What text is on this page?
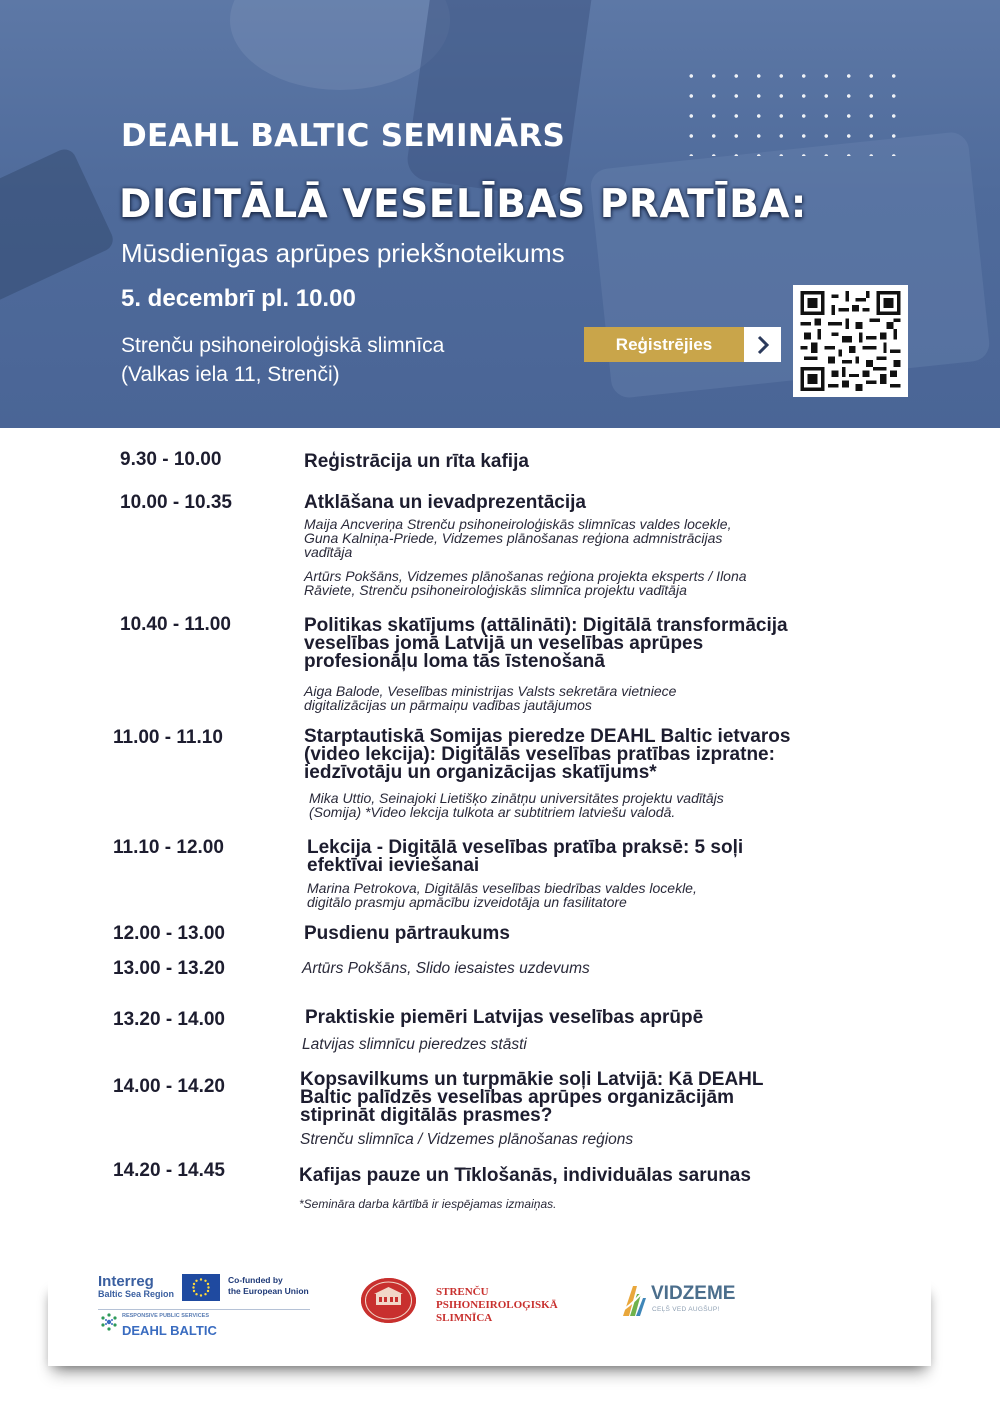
DEAHL BALTIC SEMINĀRS
DIGITĀLĀ VESELĪBAS PRATĪBA:
Mūsdienīgas aprūpes priekšnoteikums
5. decembrī pl. 10.00
Strenču psihoneiroloģiskā slimnīca
(Valkas iela 11, Strenči)
Reģistrējies
9.30 - 10.00	Reģistrācija un rīta kafija
10.00 - 10.35	Atklāšana un ievadprezentācija
Maija Ancveriņa Strenču psihoneiroloģiskās slimnīcas valdes locekle,
Guna Kalniņa-Priede, Vidzemes plānošanas reģiona admnistrācijas
vadītāja
Artūrs Pokšāns, Vidzemes plānošanas reģiona projekta eksperts / Ilona
Rāviete, Strenču psihoneiroloģiskās slimnīca projektu vadītāja
10.40 - 11.00	Politikas skatījums (attālināti): Digitālā transformācija
veselības jomā Latvijā un veselības aprūpes
profesionāļu loma tās īstenošanā
Aiga Balode, Veselības ministrijas Valsts sekretāra vietniece
digitalizācijas un pārmaiņu vadības jautājumos
11.00 - 11.10	Starptautiskā Somijas pieredze DEAHL Baltic ietvaros
(video lekcija): Digitālās veselības pratības izpratne:
iedzīvotāju un organizācijas skatījums*
Mika Uttio, Seinajoki Lietišķo zinātņu universitātes projektu vadītājs
(Somija) *Video lekcija tulkota ar subtitriem latviešu valodā.
11.10 - 12.00	Lekcija - Digitālā veselības pratība praksē: 5 soļi
efektīvai ieviešanai
Marina Petrokova, Digitālās veselības biedrības valdes locekle,
digitālo prasmju apmācību izveidotāja un fasilitatore
12.00 - 13.00	Pusdienu pārtraukums
13.00 - 13.20	Artūrs Pokšāns, Slido iesaistes uzdevums
13.20 - 14.00	Praktiskie piemēri Latvijas veselības aprūpē
Latvijas slimnīcu pieredzes stāsti
14.00 - 14.20	Kopsavilkums un turpmākie soļi Latvijā: Kā DEAHL
Baltic palīdzēs veselības aprūpes organizācijām
stiprināt digitālās prasmes?
Strenču slimnīca / Vidzemes plānošanas reģions
14.20 - 14.45	Kafijas pauze un Tīklošanās, individuālas sarunas
*Semināra darba kārtībā ir iespējamas izmaiņas.
Interreg
Baltic Sea Region
Co-funded by
the European Union
RESPONSIVE PUBLIC SERVICES
DEAHL BALTIC
STRENČU
PSIHONEIROLOĢISKĀ
SLIMNĪCA
VIDZEME
CEĻŠ VED AUGŠUP!
